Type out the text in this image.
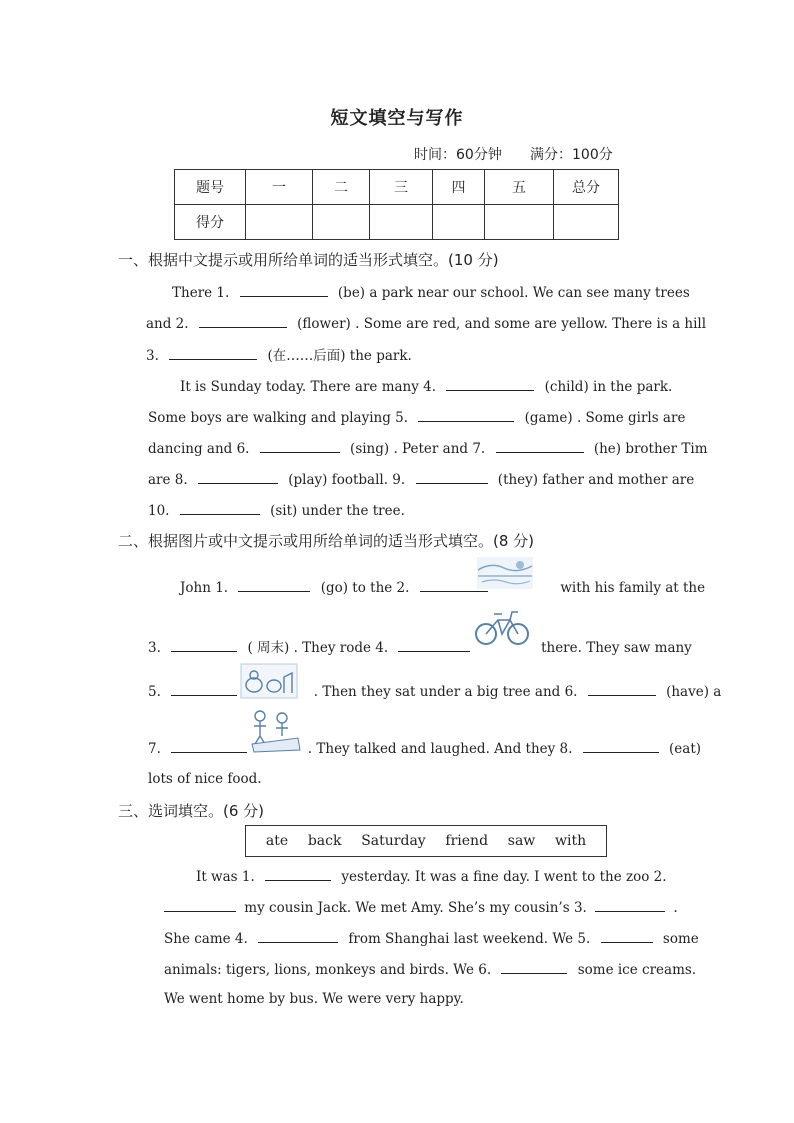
短文填空与写作
时间：60分钟 满分：100分
题号	一	二	三	四	五	总分
得分						
一、根据中文提示或用所给单词的适当形式填空。(10 分)
There 1.	(be) a park near our school. We can see many trees
and 2.	(flower) . Some are red, and some are yellow. There is a hill
3.	(在……后面) the park.
It is Sunday today. There are many 4.	(child) in the park.
Some boys are walking and playing 5.	(game) . Some girls are
dancing and 6.	(sing) . Peter and 7.	(he) brother Tim
are 8.	(play) football. 9.	(they) father and mother are
10.	(sit) under the tree.
二、根据图片或中文提示或用所给单词的适当形式填空。(8 分)
John 1.	(go) to the 2.	with his family at the
3.	( 周末) . They rode 4.	there. They saw many
5.	. Then they sat under a big tree and 6.	(have) a
7.	. They talked and laughed. And they 8.	(eat)
lots of nice food.
三、选词填空。(6 分)
ate back Saturday friend saw with
It was 1.	yesterday. It was a fine day. I went to the zoo 2.
my cousin Jack. We met Amy. She’s my cousin’s 3.	.
She came 4.	from Shanghai last weekend. We 5.	some
animals: tigers, lions, monkeys and birds. We 6.	some ice creams.
We went home by bus. We were very happy.
